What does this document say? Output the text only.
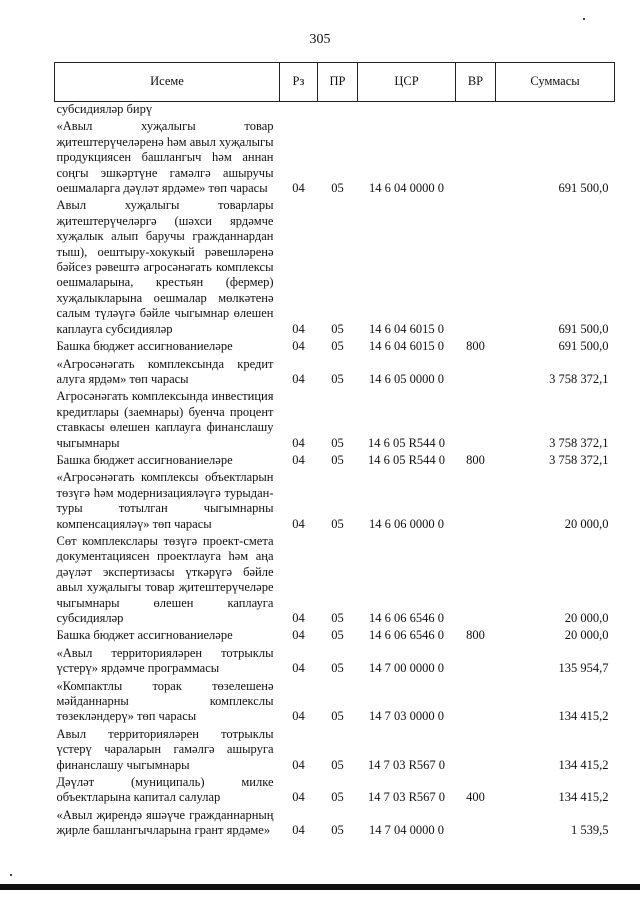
305
Исеме	Рз	ПР	ЦСР	ВР	Суммасы
субсидияләр бирү					
«Авыл хуҗалыгы товар җитештерүчеләренә һәм авыл хуҗалыгы продукциясен башлангыч һәм аннан соңгы эшкәртүне гамәлгә ашыручы оешмаларга дәүләт ярдәме» төп чарасы	04	05	14 6 04 0000 0		691 500,0
Авыл хуҗалыгы товарлары җитештерүчеләргә (шәхси ярдәмче хуҗалык алып баручы гражданнардан тыш), оештыру-хокукый рәвешләренә бәйсез рәвештә агросәнәгать комплексы оешмаларына, крестьян (фермер) хуҗалыкларына оешмалар мөлкәтенә салым түләүгә бәйле чыгымнар өлешен каплауга субсидияләр	04	05	14 6 04 6015 0		691 500,0
Башка бюджет ассигнованиеләре	04	05	14 6 04 6015 0	800	691 500,0
«Агросәнәгать комплексында кредит алуга ярдәм» төп чарасы	04	05	14 6 05 0000 0		3 758 372,1
Агросәнәгать комплексында инвестиция кредитлары (заемнары) буенча процент ставкасы өлешен каплауга финанслашу чыгымнары	04	05	14 6 05 R544 0		3 758 372,1
Башка бюджет ассигнованиеләре	04	05	14 6 05 R544 0	800	3 758 372,1
«Агросәнәгать комплексы объектларын төзүгә һәм модернизацияләүгә турыдан-туры тотылган чыгымнарны компенсацияләү» төп чарасы	04	05	14 6 06 0000 0		20 000,0
Сөт комплекслары төзүгә проект-смета документациясен проектлауга һәм аңа дәүләт экспертизасы үткәрүгә бәйле авыл хуҗалыгы товар җитештерүчеләре чыгымнары өлешен каплауга субсидияләр	04	05	14 6 06 6546 0		20 000,0
Башка бюджет ассигнованиеләре	04	05	14 6 06 6546 0	800	20 000,0
«Авыл территорияләрен тотрыклы үстерү» ярдәмче программасы	04	05	14 7 00 0000 0		135 954,7
«Компактлы торак төзелешенә мәйданнарны комплекслы төзекләндерү» төп чарасы	04	05	14 7 03 0000 0		134 415,2
Авыл территорияләрен тотрыклы үстерү чараларын гамәлгә ашыруга финанслашу чыгымнары	04	05	14 7 03 R567 0		134 415,2
Дәүләт (муниципаль) милке объектларына капитал салулар	04	05	14 7 03 R567 0	400	134 415,2
«Авыл җирендә яшәүче гражданнарның җирле башлангычларына грант ярдәме»	04	05	14 7 04 0000 0		1 539,5
